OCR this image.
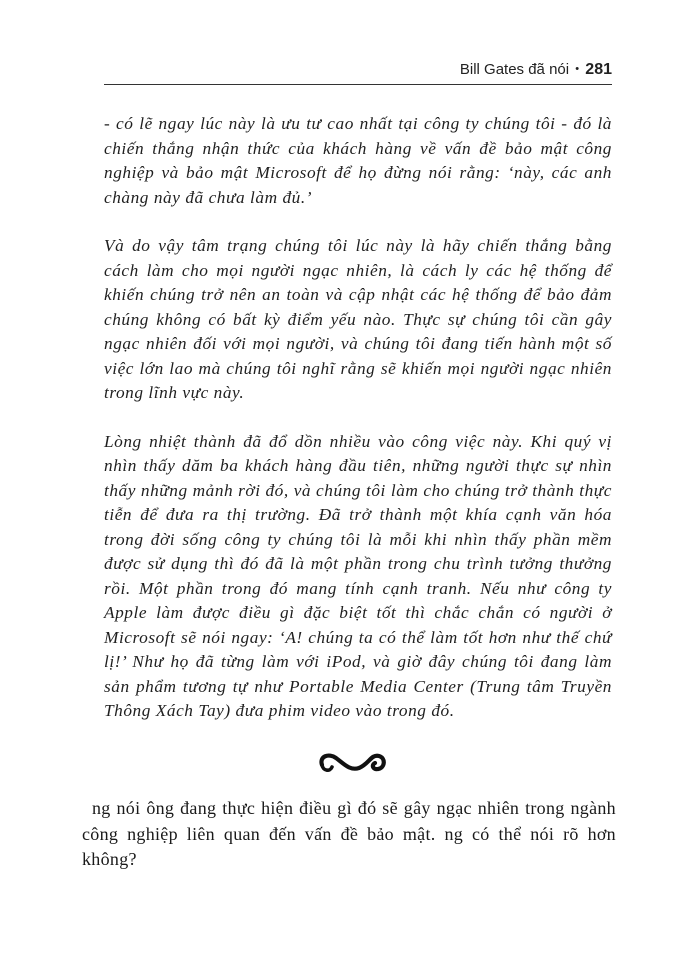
Bill Gates đã nói • 281

- có lẽ ngay lúc này là ưu tư cao nhất tại công ty chúng tôi - đó là chiến thắng nhận thức của khách hàng về vấn đề bảo mật công nghiệp và bảo mật Microsoft để họ đừng nói rằng: ‘này, các anh chàng này đã chưa làm đủ.’

Và do vậy tâm trạng chúng tôi lúc này là hãy chiến thắng bằng cách làm cho mọi người ngạc nhiên, là cách ly các hệ thống để khiến chúng trở nên an toàn và cập nhật các hệ thống để bảo đảm chúng không có bất kỳ điểm yếu nào. Thực sự chúng tôi cần gây ngạc nhiên đối với mọi người, và chúng tôi đang tiến hành một số việc lớn lao mà chúng tôi nghĩ rằng sẽ khiến mọi người ngạc nhiên trong lĩnh vực này.

Lòng nhiệt thành đã đổ dồn nhiều vào công việc này. Khi quý vị nhìn thấy dăm ba khách hàng đầu tiên, những người thực sự nhìn thấy những mảnh rời đó, và chúng tôi làm cho chúng trở thành thực tiễn để đưa ra thị trường. Đã trở thành một khía cạnh văn hóa trong đời sống công ty chúng tôi là mỗi khi nhìn thấy phần mềm được sử dụng thì đó đã là một phần trong chu trình tưởng thưởng rồi. Một phần trong đó mang tính cạnh tranh. Nếu như công ty Apple làm được điều gì đặc biệt tốt thì chắc chắn có người ở Microsoft sẽ nói ngay: ‘A! chúng ta có thể làm tốt hơn như thế chứ lị!’ Như họ đã từng làm với iPod, và giờ đây chúng tôi đang làm sản phẩm tương tự như Portable Media Center (Trung tâm Truyền Thông Xách Tay) đưa phim video vào trong đó.

ng nói ông đang thực hiện điều gì đó sẽ gây ngạc nhiên trong ngành công nghiệp liên quan đến vấn đề bảo mật. ng có thể nói rõ hơn không?
